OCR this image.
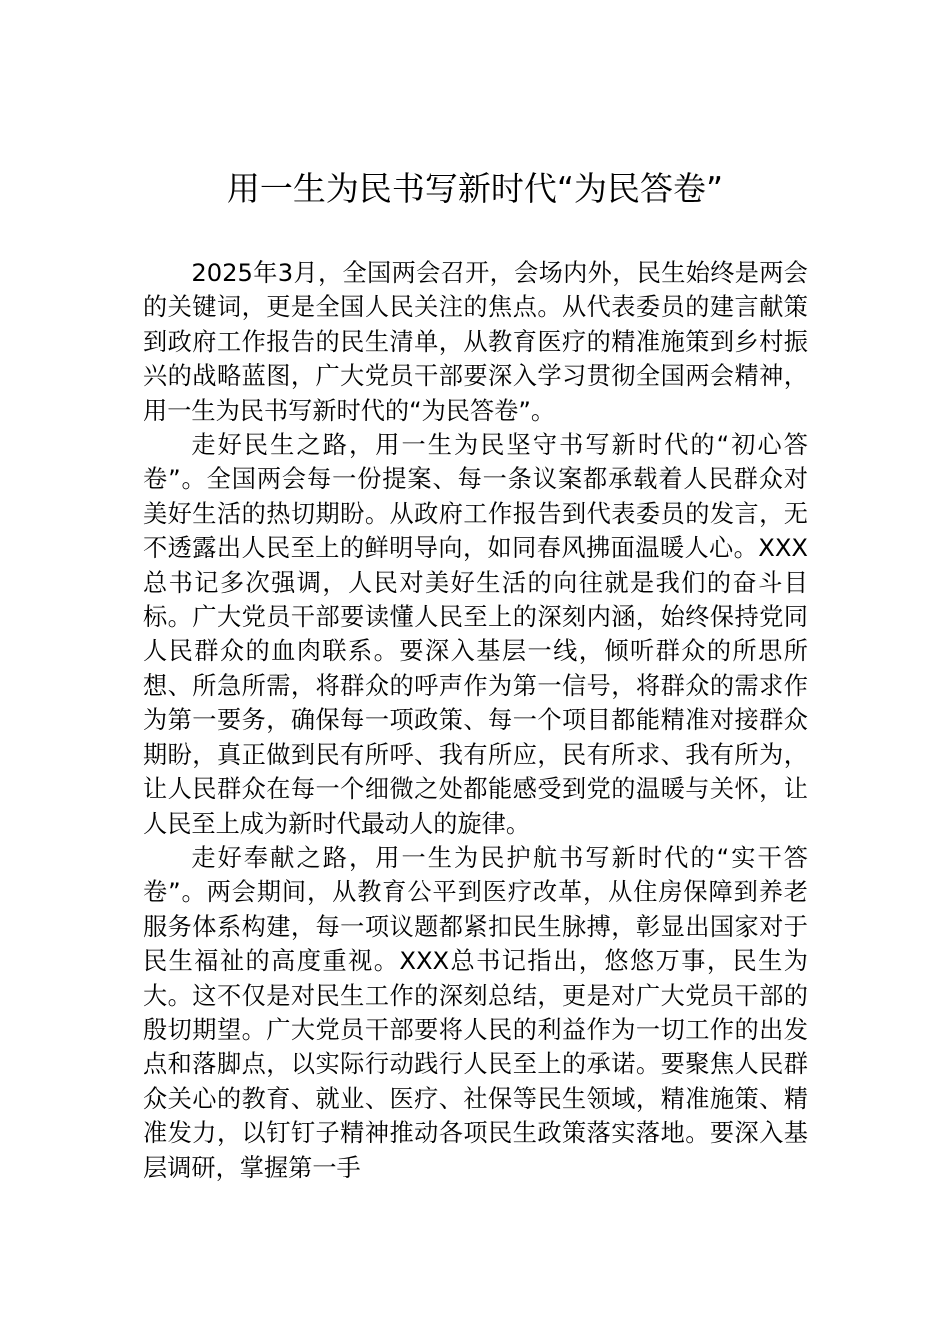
用一生为民书写新时代“为民答卷”

2025年3月，全国两会召开，会场内外，民生始终是两会的关键词，更是全国人民关注的焦点。从代表委员的建言献策到政府工作报告的民生清单，从教育医疗的精准施策到乡村振兴的战略蓝图，广大党员干部要深入学习贯彻全国两会精神，用一生为民书写新时代的“为民答卷”。

走好民生之路，用一生为民坚守书写新时代的“初心答卷”。全国两会每一份提案、每一条议案都承载着人民群众对美好生活的热切期盼。从政府工作报告到代表委员的发言，无不透露出人民至上的鲜明导向，如同春风拂面温暖人心。XXX总书记多次强调，人民对美好生活的向往就是我们的奋斗目标。广大党员干部要读懂人民至上的深刻内涵，始终保持党同人民群众的血肉联系。要深入基层一线，倾听群众的所思所想、所急所需，将群众的呼声作为第一信号，将群众的需求作为第一要务，确保每一项政策、每一个项目都能精准对接群众期盼，真正做到民有所呼、我有所应，民有所求、我有所为，让人民群众在每一个细微之处都能感受到党的温暖与关怀，让人民至上成为新时代最动人的旋律。

走好奉献之路，用一生为民护航书写新时代的“实干答卷”。两会期间，从教育公平到医疗改革，从住房保障到养老服务体系构建，每一项议题都紧扣民生脉搏，彰显出国家对于民生福祉的高度重视。XXX总书记指出，悠悠万事，民生为大。这不仅是对民生工作的深刻总结，更是对广大党员干部的殷切期望。广大党员干部要将人民的利益作为一切工作的出发点和落脚点，以实际行动践行人民至上的承诺。要聚焦人民群众关心的教育、就业、医疗、社保等民生领域，精准施策、精准发力，以钉钉子精神推动各项民生政策落实落地。要深入基层调研，掌握第一手
